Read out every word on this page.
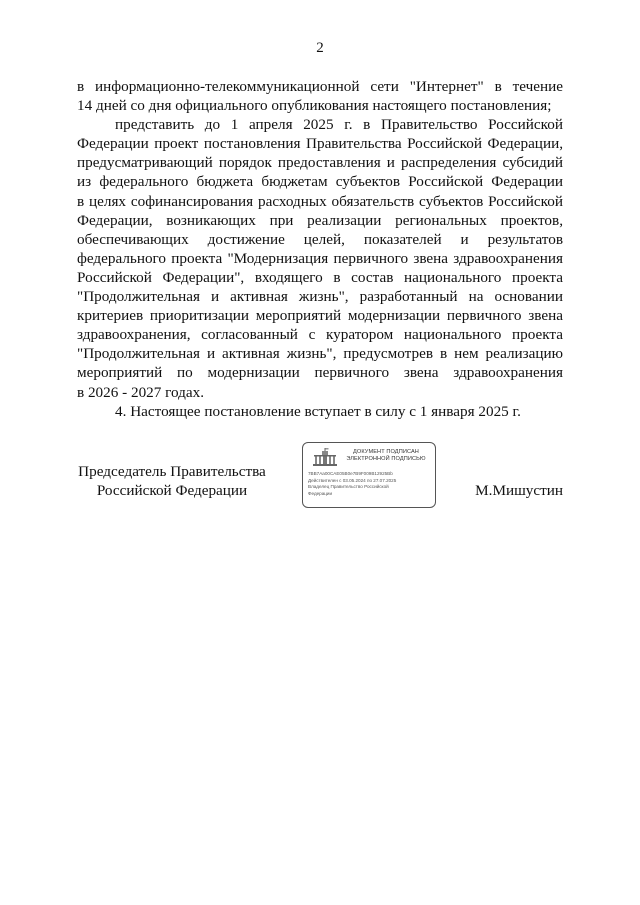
2
в информационно-телекоммуникационной сети "Интернет" в течение
14 дней со дня официального опубликования настоящего постановления;
представить до 1 апреля 2025 г. в Правительство Российской
Федерации проект постановления Правительства Российской Федерации,
предусматривающий порядок предоставления и распределения субсидий
из федерального бюджета бюджетам субъектов Российской Федерации
в целях софинансирования расходных обязательств субъектов Российской
Федерации, возникающих при реализации региональных проектов,
обеспечивающих достижение целей, показателей и результатов
федерального проекта "Модернизация первичного звена здравоохранения
Российской Федерации", входящего в состав национального проекта
"Продолжительная и активная жизнь", разработанный на основании
критериев приоритизации мероприятий модернизации первичного звена
здравоохранения, согласованный с куратором национального проекта
"Продолжительная и активная жизнь", предусмотрев в нем реализацию
мероприятий по модернизации первичного звена здравоохранения
в 2026 - 2027 годах.
4. Настоящее постановление вступает в силу с 1 января 2025 г.
Председатель Правительства
Российской Федерации
ДОКУМЕНТ ПОДПИСАН
ЭЛЕКТРОННОЙ ПОДПИСЬЮ
7BB7Aa00CAE05B0e7B9F009B12925Bb
Действителен с 03.05.2024 по 27.07.2025
Владелец Правительство Российской
Федерации	М.Мишустин
